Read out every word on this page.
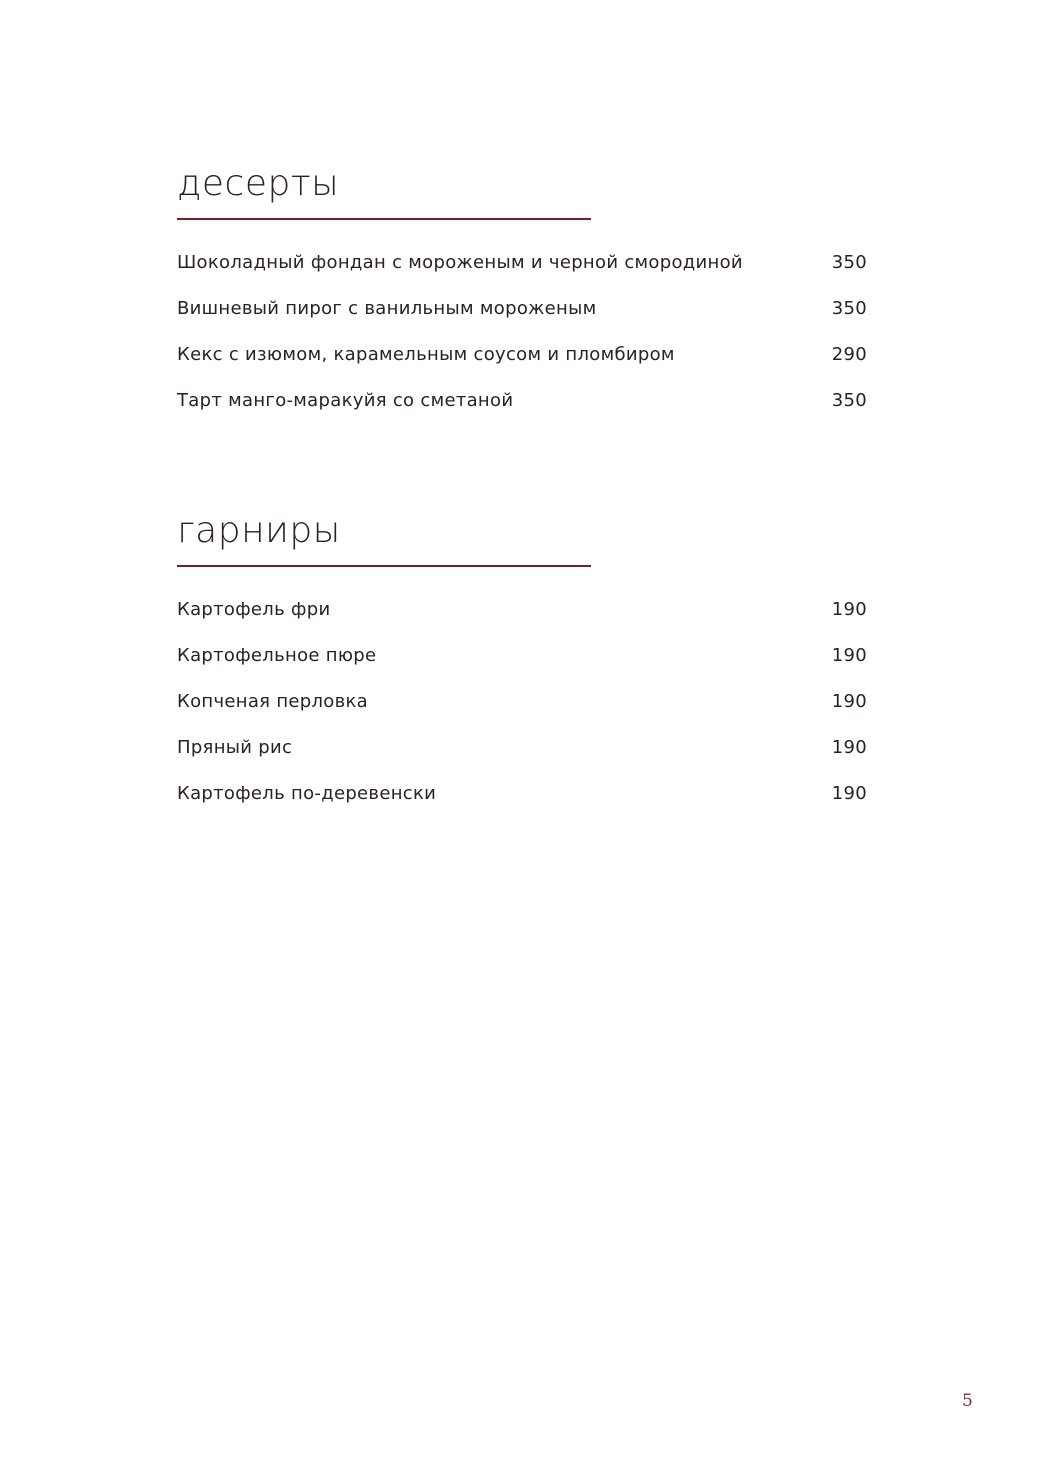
десерты
Шоколадный фондан с мороженым и черной смородиной	350
Вишневый пирог с ванильным мороженым	350
Кекс с изюмом, карамельным соусом и пломбиром	290
Тарт манго-маракуйя со сметаной	350
гарниры
Картофель фри	190
Картофельное пюре	190
Копченая перловка	190
Пряный рис	190
Картофель по-деревенски	190
5
